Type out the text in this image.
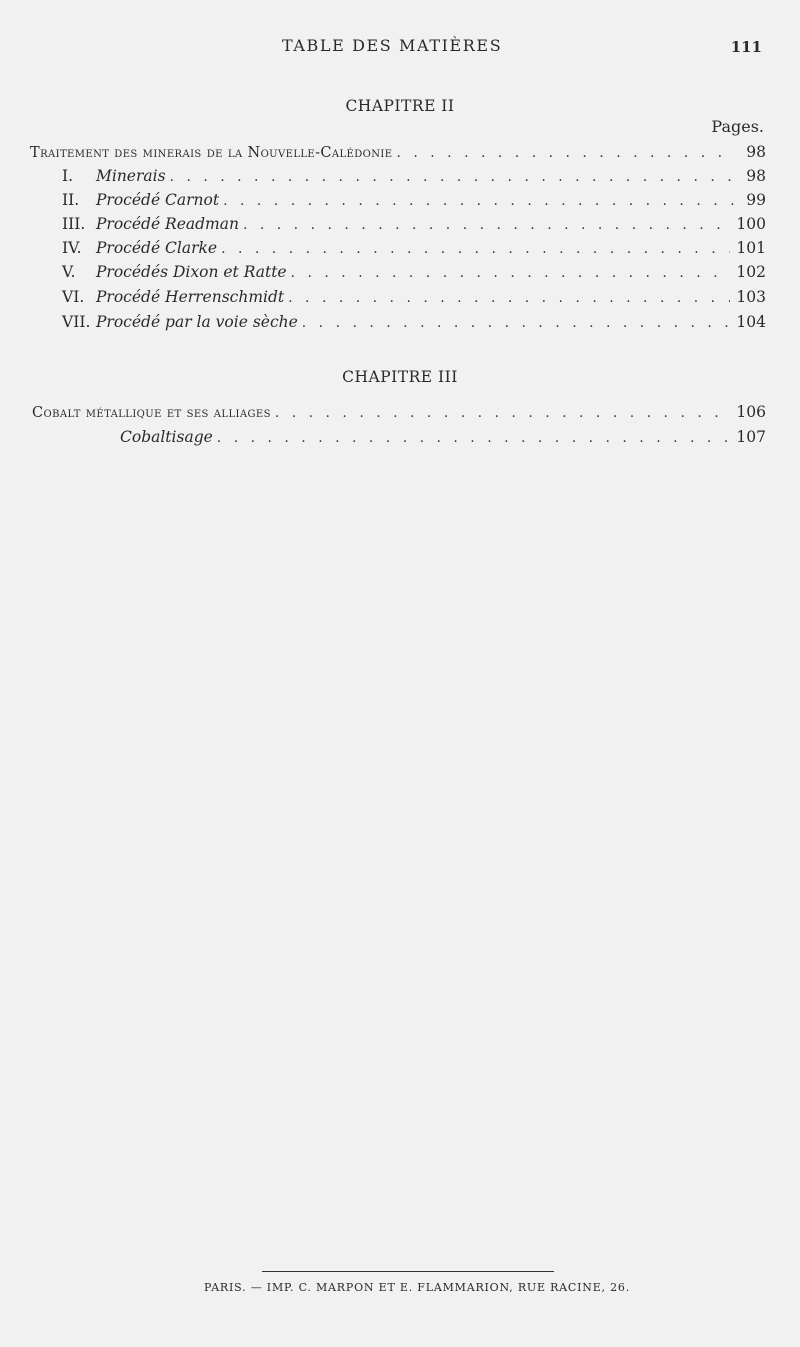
TABLE DES MATIÈRES	111
CHAPITRE II
Pages.
Traitement des minerais de la Nouvelle-Calédonie . . .	98
I.	Minerais . . .	98
II.	Procédé Carnot . . .	99
III. Procédé Readman . . .	100
IV. Procédé Clarke . . .	101
V.	Procédés Dixon et Ratte . . .	102
VI. Procédé Herrenschmidt . . .	103
VII. Procédé par la voie sèche . . .	104
CHAPITRE III
Cobalt métallique et ses alliages . . .	106
Cobaltisage . . .	107
PARIS. — IMP. C. MARPON ET E. FLAMMARION, RUE RACINE, 26.
